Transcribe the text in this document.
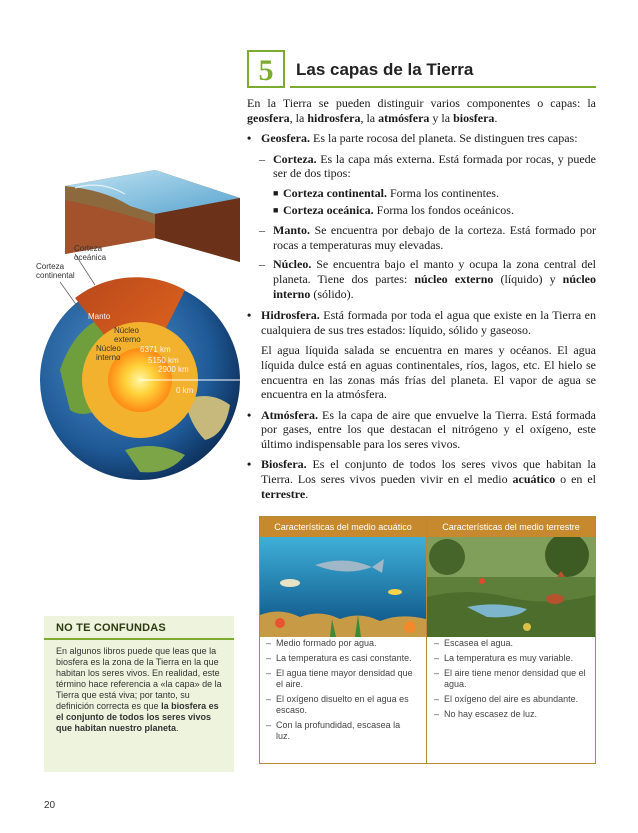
5	Las capas de la Tierra

En la Tierra se pueden distinguir varios componentes o capas: la geosfera, la hidrosfera, la atmósfera y la biosfera.

• Geosfera. Es la parte rocosa del planeta. Se distinguen tres capas:
– Corteza. Es la capa más externa. Está formada por rocas, y puede ser de dos tipos:
■ Corteza continental. Forma los continentes.
■ Corteza oceánica. Forma los fondos oceánicos.
– Manto. Se encuentra por debajo de la corteza. Está formado por rocas a temperaturas muy elevadas.
– Núcleo. Se encuentra bajo el manto y ocupa la zona central del planeta. Tiene dos partes: núcleo externo (líquido) y núcleo interno (sólido).
• Hidrosfera. Está formada por toda el agua que existe en la Tierra en cualquiera de sus tres estados: líquido, sólido y gaseoso.

El agua líquida salada se encuentra en mares y océanos. El agua líquida dulce está en aguas continentales, ríos, lagos, etc. El hielo se encuentra en las zonas más frías del planeta. El vapor de agua se encuentra en la atmósfera.

• Atmósfera. Es la capa de aire que envuelve la Tierra. Está formada por gases, entre los que destacan el nitrógeno y el oxígeno, este último indispensable para los seres vivos.
• Biosfera. Es el conjunto de todos los seres vivos que habitan la Tierra. Los seres vivos pueden vivir en el medio acuático o en el terrestre.
Corteza oceánica
Corteza continental
Manto
Núcleo externo
Núcleo interno
6371 km
5150 km
2900 km
0 km
NO TE CONFUNDAS
En algunos libros puede que leas que la biosfera es la zona de la Tierra en la que habitan los seres vivos. En realidad, este término hace referencia a «la capa» de la Tierra que está viva; por tanto, su definición correcta es que la biosfera es el conjunto de todos los seres vivos que habitan nuestro planeta.
Características del medio acuático	Características del medio terrestre
– Medio formado por agua.
– La temperatura es casi constante.
– El agua tiene mayor densidad que el aire.
– El oxígeno disuelto en el agua es escaso.
– Con la profundidad, escasea la luz.
– Escasea el agua.
– La temperatura es muy variable.
– El aire tiene menor densidad que el agua.
– El oxígeno del aire es abundante.
– No hay escasez de luz.
20
